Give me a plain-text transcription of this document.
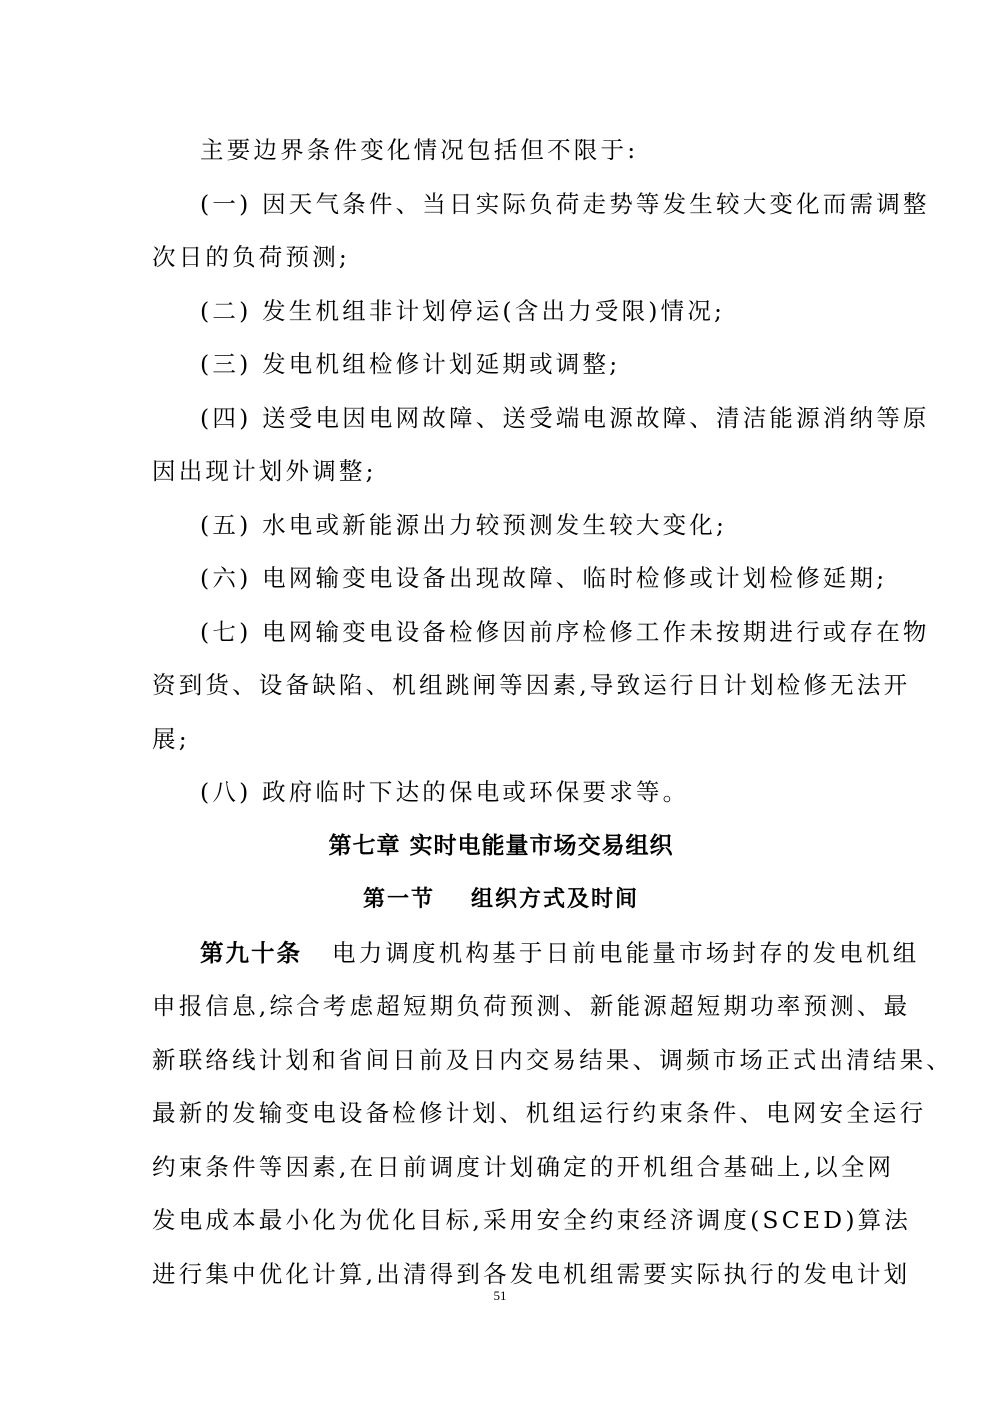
主要边界条件变化情况包括但不限于:
(一) 因天气条件、当日实际负荷走势等发生较大变化而需调整
次日的负荷预测;
(二) 发生机组非计划停运(含出力受限)情况;
(三) 发电机组检修计划延期或调整;
(四) 送受电因电网故障、送受端电源故障、清洁能源消纳等原
因出现计划外调整;
(五) 水电或新能源出力较预测发生较大变化;
(六) 电网输变电设备出现故障、临时检修或计划检修延期;
(七) 电网输变电设备检修因前序检修工作未按期进行或存在物
资到货、设备缺陷、机组跳闸等因素,导致运行日计划检修无法开
展;
(八) 政府临时下达的保电或环保要求等。
第七章 实时电能量市场交易组织
第一节 组织方式及时间
第九十条 电力调度机构基于日前电能量市场封存的发电机组
申报信息,综合考虑超短期负荷预测、新能源超短期功率预测、最
新联络线计划和省间日前及日内交易结果、调频市场正式出清结果、
最新的发输变电设备检修计划、机组运行约束条件、电网安全运行
约束条件等因素,在日前调度计划确定的开机组合基础上,以全网
发电成本最小化为优化目标,采用安全约束经济调度(SCED)算法
进行集中优化计算,出清得到各发电机组需要实际执行的发电计划
51
